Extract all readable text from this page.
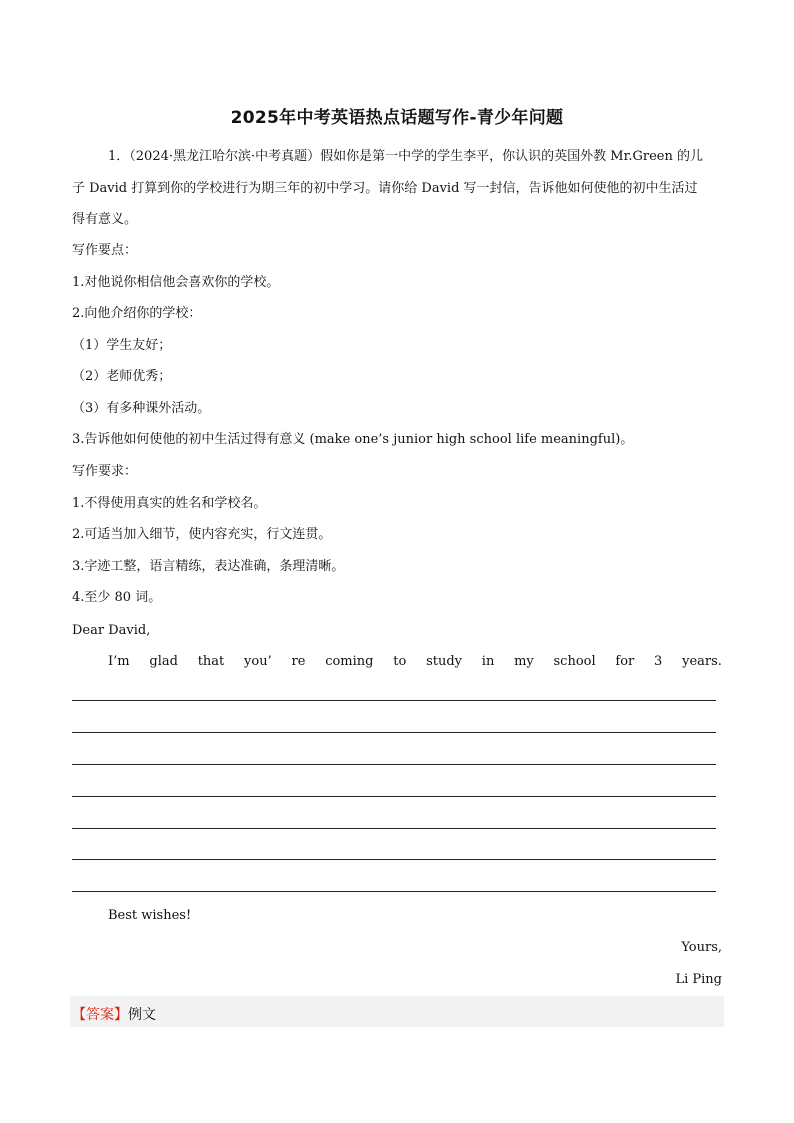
2025年中考英语热点话题写作-青少年问题

1．（2024·黑龙江哈尔滨·中考真题）假如你是第一中学的学生李平，你认识的英国外教 Mr.Green 的儿

子 David 打算到你的学校进行为期三年的初中学习。请你给 David 写一封信，告诉他如何使他的初中生活过

得有意义。

写作要点：

1.对他说你相信他会喜欢你的学校。

2.向他介绍你的学校：

（1）学生友好；

（2）老师优秀；

（3）有多种课外活动。

3.告诉他如何使他的初中生活过得有意义 (make one’s junior high school life meaningful)。

写作要求：

1.不得使用真实的姓名和学校名。

2.可适当加入细节，使内容充实，行文连贯。

3.字迹工整，语言精练，表达准确，条理清晰。

4.至少 80 词。

Dear David,
I’m glad that you’ re coming to study in my school for 3 years.
Best wishes!
Yours,
Li Ping
【答案】例文
